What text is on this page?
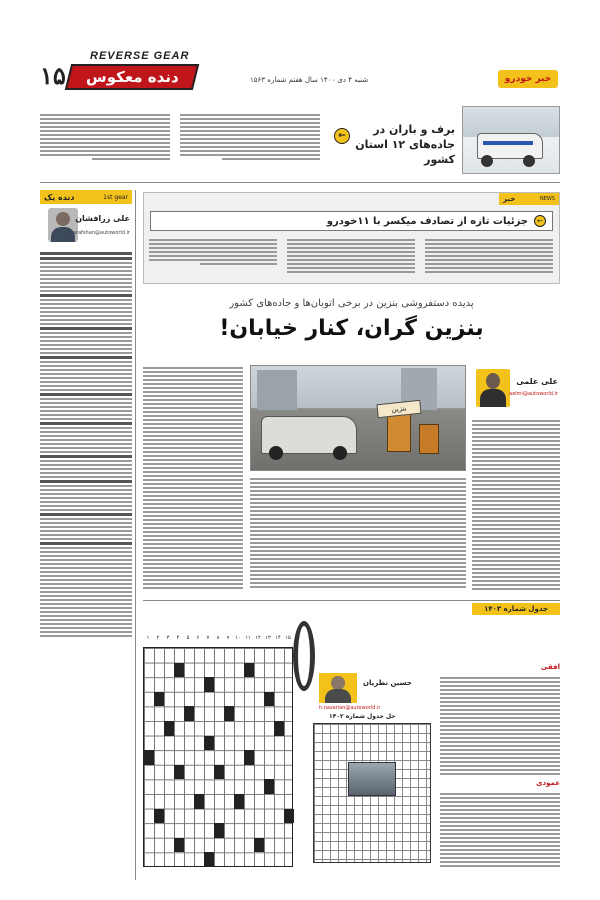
۱۵
REVERSE GEAR
دنده معکوس	شنبه ۴ دی ۱۴۰۰ سال هفتم شماره ۱۵۶۳	خبر خودرو
←	برف و باران در جاده‌های ۱۲ استان کشور
1st gear
دنده یک
علی زرافشان
a.zarafshan@autoworld.ir
NEWS
خبر
←
جزئیات تازه از تصادف میکسر با ۱۱خودرو
پدیده دستفروشی بنزین در برخی اتوبان‌ها و جاده‌های کشور
بنزین گران، کنار خیابان!
بنزین
علی علمی
aelmi@autoworld.ir
جدول شماره ۱۴۰۳
افقی
عمودی
حسین نظریان
h.nazarian@autoworld.ir
حل جدول شماره ۱۴۰۲
۱	۲	۳	۴	۵	۶	۷	۸	۹	۱۰ ۱۱ ۱۲ ۱۳ ۱۴ ۱۵
